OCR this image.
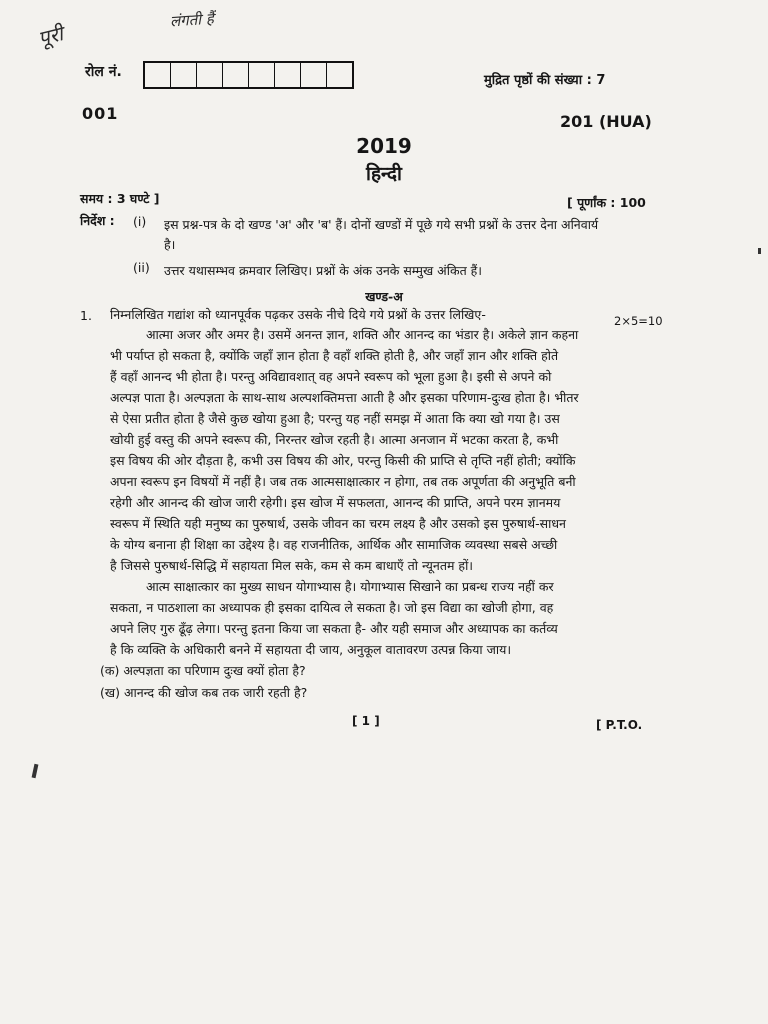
पूरी
लंगती हैं
रोल नं.
मुद्रित पृष्ठों की संख्या : 7
001	201 (HUA)
2019
हिन्दी
समय : 3 घण्टे ]	[ पूर्णांक : 100
निर्देश : (i) इस प्रश्न-पत्र के दो खण्ड 'अ' और 'ब' हैं। दोनों खण्डों में पूछे गये सभी प्रश्नों के उत्तर देना अनिवार्य
है।
(ii) उत्तर यथासम्भव क्रमवार लिखिए। प्रश्नों के अंक उनके सम्मुख अंकित हैं।
खण्ड-अ
1. निम्नलिखित गद्यांश को ध्यानपूर्वक पढ़कर उसके नीचे दिये गये प्रश्नों के उत्तर लिखिए-	2×5=10
आत्मा अजर और अमर है। उसमें अनन्त ज्ञान, शक्ति और आनन्द का भंडार है। अकेले ज्ञान कहना
भी पर्याप्त हो सकता है, क्योंकि जहाँ ज्ञान होता है वहाँ शक्ति होती है, और जहाँ ज्ञान और शक्ति होते
हैं वहाँ आनन्द भी होता है। परन्तु अविद्यावशात् वह अपने स्वरूप को भूला हुआ है। इसी से अपने को
अल्पज्ञ पाता है। अल्पज्ञता के साथ-साथ अल्पशक्तिमत्ता आती है और इसका परिणाम-दुःख होता है। भीतर
से ऐसा प्रतीत होता है जैसे कुछ खोया हुआ है; परन्तु यह नहीं समझ में आता कि क्या खो गया है। उस
खोयी हुई वस्तु की अपने स्वरूप की, निरन्तर खोज रहती है। आत्मा अनजान में भटका करता है, कभी
इस विषय की ओर दौड़ता है, कभी उस विषय की ओर, परन्तु किसी की प्राप्ति से तृप्ति नहीं होती; क्योंकि
अपना स्वरूप इन विषयों में नहीं है। जब तक आत्मसाक्षात्कार न होगा, तब तक अपूर्णता की अनुभूति बनी
रहेगी और आनन्द की खोज जारी रहेगी। इस खोज में सफलता, आनन्द की प्राप्ति, अपने परम ज्ञानमय
स्वरूप में स्थिति यही मनुष्य का पुरुषार्थ, उसके जीवन का चरम लक्ष्य है और उसको इस पुरुषार्थ-साधन
के योग्य बनाना ही शिक्षा का उद्देश्य है। वह राजनीतिक, आर्थिक और सामाजिक व्यवस्था सबसे अच्छी
है जिससे पुरुषार्थ-सिद्धि में सहायता मिल सके, कम से कम बाधाएँ तो न्यूनतम हों।
आत्म साक्षात्कार का मुख्य साधन योगाभ्यास है। योगाभ्यास सिखाने का प्रबन्ध राज्य नहीं कर
सकता, न पाठशाला का अध्यापक ही इसका दायित्व ले सकता है। जो इस विद्या का खोजी होगा, वह
अपने लिए गुरु ढूँढ़ लेगा। परन्तु इतना किया जा सकता है- और यही समाज और अध्यापक का कर्तव्य
है कि व्यक्ति के अधिकारी बनने में सहायता दी जाय, अनुकूल वातावरण उत्पन्न किया जाय।
(क) अल्पज्ञता का परिणाम दुःख क्यों होता है?
(ख) आनन्द की खोज कब तक जारी रहती है?
[ 1 ]	[ P.T.O.
